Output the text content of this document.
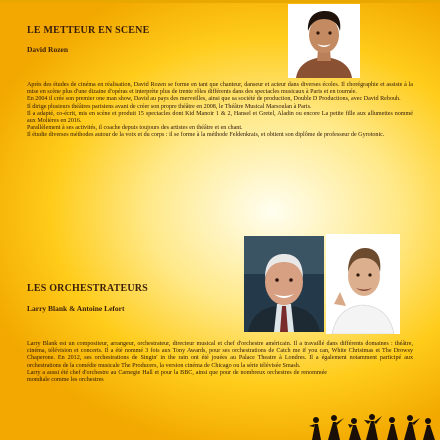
LE METTEUR EN SCENE
David Rozen

Après des études de cinéma en réalisation, David Rozen se forme en tant que chanteur, danseur et acteur dans diverses écoles. Il chorégraphie et assiste à la mise en scène plus d'une dizaine d'opéras et interprète plus de trente rôles différents dans des spectacles musicaux à Paris et en tournée.

En 2004 il crée son premier one man show, David au pays des merveilles, ainsi que sa société de production, Double D Productions, avec David Rebouh.

Il dirige plusieurs théâtres parisiens avant de créer son propre théâtre en 2008, le Théâtre Musical Marsoulan à Paris.

Il a adapté, co-écrit, mis en scène et produit 15 spectacles dont Kid Manoir 1 & 2, Hansel et Gretel, Aladin ou encore La petite fille aux allumettes nommé aux Molières en 2016.

Parallèlement à ses activités, il coache depuis toujours des artistes en théâtre et en chant.

Il étudie diverses méthodes autour de la voix et du corps : il se forme à la méthode Feldenkrais, et obtient son diplôme de professeur de Gyrotonic.

LES ORCHESTRATEURS
Larry Blank & Antoine Lefort

Larry Blank est un compositeur, arrangeur, orchestrateur, directeur musical et chef d'orchestre américain. Il a travaillé dans différents domaines : théâtre, cinéma, télévision et concerts. Il a été nommé 3 fois aux Tony Awards, pour ses orchestrations de Catch me if you can, White Christmas et The Drowsy Chaperone. En 2012, ses orchestrations de Singin' in the rain ont été jouées au Palace Theatre à Londres. Il a également notamment participé aux orchestrations de la comédie musicale The Producers, la version cinéma de Chicago ou la série télévisée Smash.

Larry a aussi été chef d'orchestre au Carnegie Hall et pour la BBC, ainsi que pour de nombreux orchestres de renommée mondiale comme les orchestres
